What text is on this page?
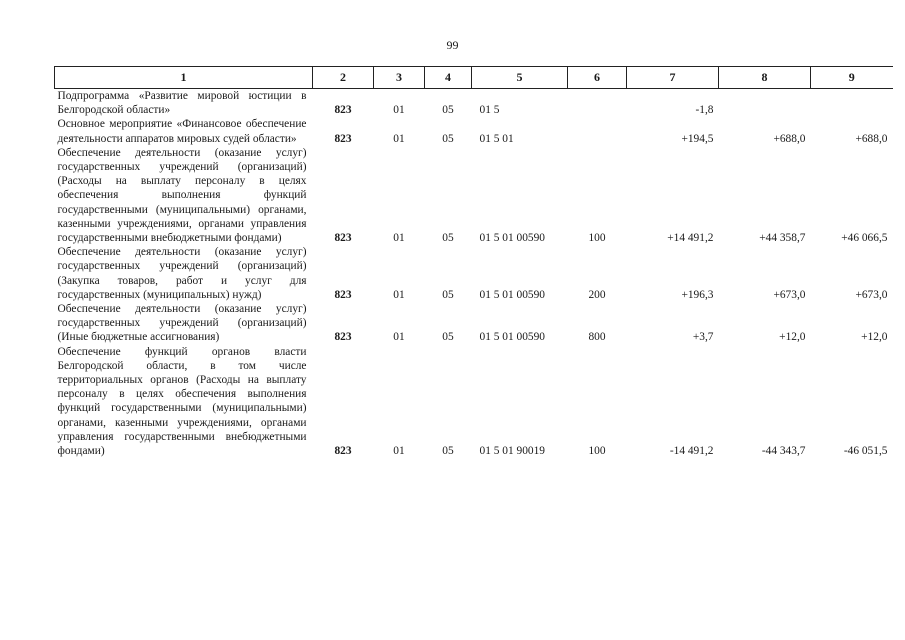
99
1	2	3	4	5	6	7	8	9
Подпрограмма «Развитие мировой юстиции в Белгородской области»	823	01	05	01 5		-1,8		
Основное мероприятие «Финансовое обеспечение деятельности аппаратов мировых судей области»	823	01	05	01 5 01		+194,5	+688,0	+688,0
Обеспечение деятельности (оказание услуг) государственных учреждений (организаций) (Расходы на выплату персоналу в целях обеспечения выполнения функций государственными (муниципальными) органами, казенными учреждениями, органами управления государственными внебюджетными фондами)	823	01	05	01 5 01 00590	100	+14 491,2	+44 358,7	+46 066,5
Обеспечение деятельности (оказание услуг) государственных учреждений (организаций) (Закупка товаров, работ и услуг для государственных (муниципальных) нужд)	823	01	05	01 5 01 00590	200	+196,3	+673,0	+673,0
Обеспечение деятельности (оказание услуг) государственных учреждений (организаций) (Иные бюджетные ассигнования)	823	01	05	01 5 01 00590	800	+3,7	+12,0	+12,0
Обеспечение функций органов власти Белгородской области, в том числе территориальных органов (Расходы на выплату персоналу в целях обеспечения выполнения функций государственными (муниципальными) органами, казенными учреждениями, органами управления государственными внебюджетными фондами)	823	01	05	01 5 01 90019	100	-14 491,2	-44 343,7	-46 051,5
